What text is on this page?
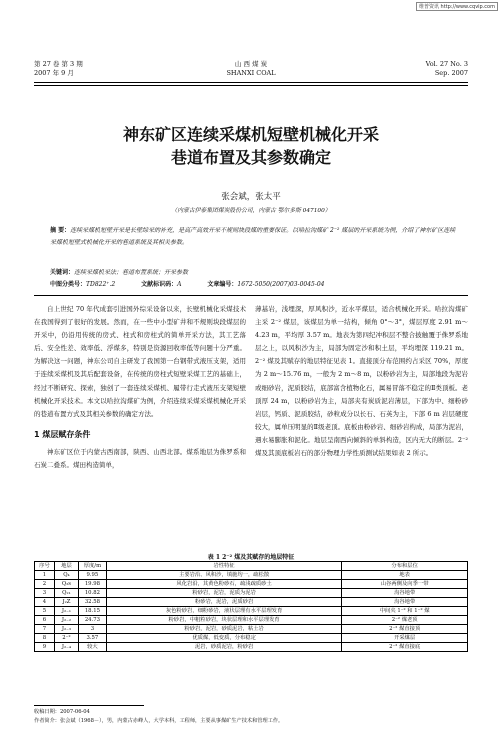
维普资讯 http://www.cqvip.com
第 27 卷 第 3 期
2007 年 9 月
山 西 煤 炭
SHANXI COAL
Vol. 27 No. 3
Sep. 2007
神东矿区连续采煤机短壁机械化开采
巷道布置及其参数确定
张会斌，张太平
（内蒙古伊泰集团煤炭股份公司，内蒙古 鄂尔多斯 047100）
摘 要：连续采煤机短壁开采是长壁综采的补充，是高产高效开采不规则块段煤的重要保证。以哈拉沟煤矿 2⁻² 煤层的开采系统为例，介绍了神东矿区连续采煤机短壁式机械化开采的巷道系统及其相关参数。
关键词：连续采煤机采法；巷道布置系统；开采参数
中图分类号：TD822⁺.2	文献标识码：A	文章编号：1672-5050(2007)03-0045-04

自上世纪 70 年代成套引进国外综采设备以来，长壁机械化采煤技术在我国得到了很好的发展。然而，在一些中小型矿井和不规则块段煤层的开采中，仍沿用传统的房式、柱式和房柱式的简单开采方法，其工艺落后、安全性差、效率低、浮煤多，特别是资源回收率低等问题十分严重。为解决这一问题，神东公司自主研发了我国第一台钢带式液压支架，适用于连续采煤机及其后配套设备，在传统的房柱式短壁采煤工艺的基础上，经过不断研究、探索，独创了一套连续采煤机、履带行走式液压支架短壁机械化开采技术。本文以哈拉沟煤矿为例，介绍连续采煤采煤机械化开采的巷道布置方式及其相关参数的确定方法。

1 煤层赋存条件

神东矿区位于内蒙古西南部，陕西、山西北部。煤系地层为侏罗系和石炭二叠系。煤田构造简单，

薄基岩，浅埋深，厚风积沙，近水平煤层，适合机械化开采。哈拉沟煤矿主采 2⁻² 煤层，该煤层为单一结构，倾角 0°～3°，煤层厚度 2.91 m～4.23 m，平均厚 3.57 m。地表为第四纪冲积层不整合披触覆于侏罗系地层之上，以风积沙为主，局部为固定沙和积土层，平均埋深 119.21 m。2⁻² 煤及其赋存的地层特征见表 1。直接顶分布范围约占采区 70%，厚度为 2 m～15.76 m，一般为 2 m～8 m，以粉砂岩为主，局部地段为泥岩或细砂岩，泥质胶结，底部富含植物化石，属易冒落不稳定的Ⅱ类顶板。老顶厚 24 m，以粉砂岩为主，局部夹有炭质泥岩薄层，下部为中、细粉砂岩层，钙质、泥质胶结，砂粒成分以长石、石英为主，下部 6 m 岩层硬度较大，属单压明显的Ⅱ级老顶。底板由粉砂岩、细砂岩构成，局部为泥岩，遇水易膨胀和泥化。地层呈南西向倾斜的单斜构造，区内无大的断层。2⁻² 煤及其顶底板岩石的部分物理力学性质测试结果如表 2 所示。

表 1 2⁻² 煤及其赋存的地层特征
序号	地层	厚度/m	岩性特征	分布和层位
1	Q₄	9.95	主要岩沿、风积沙，填施均一，疏松散	地表
2	Q₃s	19.98	风化岩沿，其黄色粉砂石，疏浅疏质砂土	山谷两侧及向季一带
3	Q₂₁	10.82	粉砂岩，泥岩，泥质为泥岩	沟谷地带
4	J₂Z	32.58	粉砂岩，泥岩，泥质砂岩	沟谷地带
5	J₂₋₁	18.15	灰色粉砂岩，细粉砂岩，液状层理有水平层理发育	中间夹 1⁻² 和 1⁻² 煤
6	J₂₋₂	24.73	粉砂岩，中粗粒砂岩，块状层理和水平层理发育	2⁻² 煤老顶
7	J₂₋₃	3	粉砂岩，泥岩，砂质泥岩，粘土岩	2⁻² 煤直接顶
8	2⁻²	3.57	优质煤，低变质，分布稳定	开采煤层
9	J₂₋₄	较大	泥岩，砂质泥岩，粉砂岩	2⁻² 煤直接底
收稿日期：2007-06-04
作者简介：张会斌（1968－），男，内蒙古赤峰人，大学本科，工程师，主要从事煤矿生产技术和管理工作。
